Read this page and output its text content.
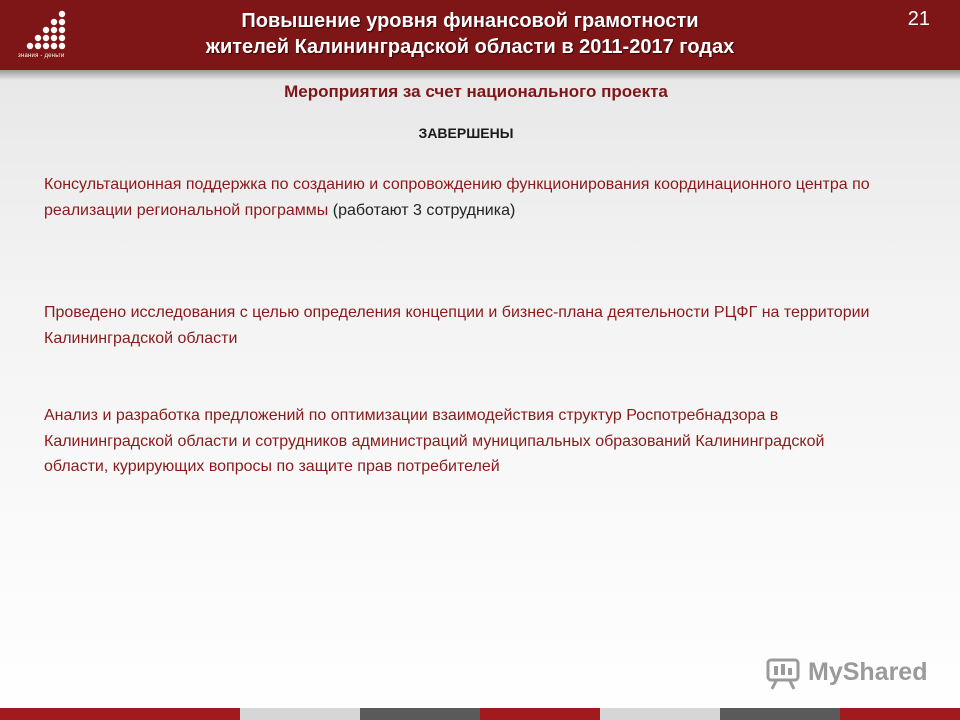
знания - деньги
Повышение уровня финансовой грамотности
жителей Калининградской области в 2011-2017 годах
21
Мероприятия за счет национального проекта
ЗАВЕРШЕНЫ
Консультационная поддержка по созданию и сопровождению функционирования координационного центра по реализации региональной программы (работают 3 сотрудника)
Проведено исследования с целью определения концепции и бизнес-плана деятельности РЦФГ на территории Калининградской области
Анализ и разработка предложений по оптимизации взаимодействия структур Роспотребнадзора в Калининградской области и сотрудников администраций муниципальных образований Калининградской области, курирующих вопросы по защите прав потребителей
MyShared
